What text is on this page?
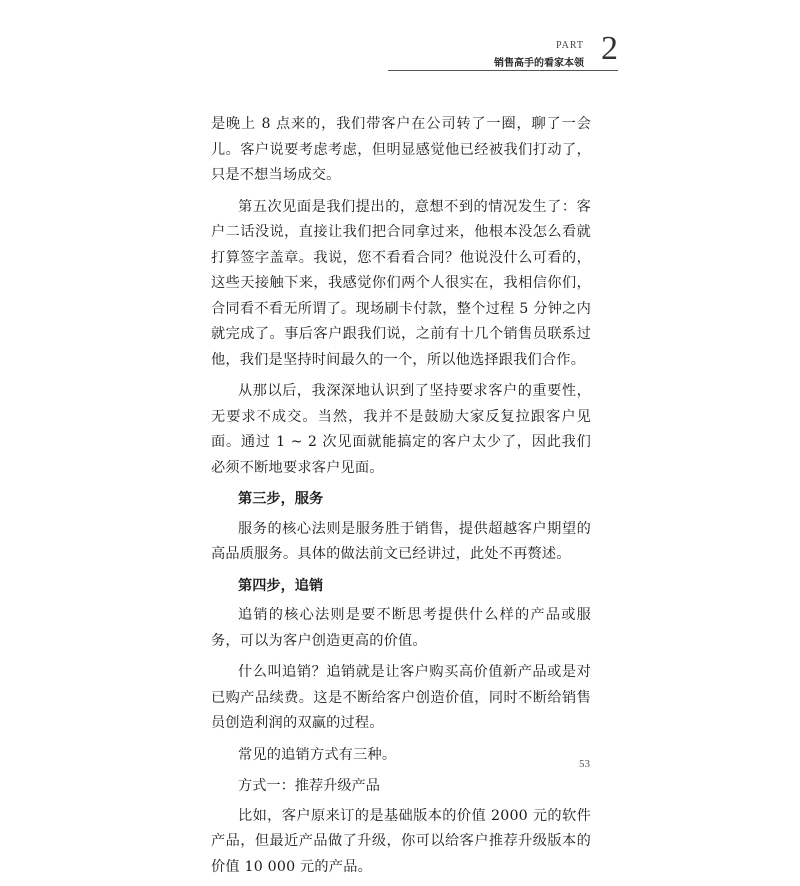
PART 2
销售高手的看家本领

是晚上 8 点来的，我们带客户在公司转了一圈，聊了一会儿。客户说要考虑考虑，但明显感觉他已经被我们打动了，只是不想当场成交。

第五次见面是我们提出的，意想不到的情况发生了：客户二话没说，直接让我们把合同拿过来，他根本没怎么看就打算签字盖章。我说，您不看看合同？他说没什么可看的，这些天接触下来，我感觉你们两个人很实在，我相信你们，合同看不看无所谓了。现场刷卡付款，整个过程 5 分钟之内就完成了。事后客户跟我们说，之前有十几个销售员联系过他，我们是坚持时间最久的一个，所以他选择跟我们合作。

从那以后，我深深地认识到了坚持要求客户的重要性，无要求不成交。当然，我并不是鼓励大家反复拉跟客户见面。通过 1 ~ 2 次见面就能搞定的客户太少了，因此我们必须不断地要求客户见面。

第三步，服务

服务的核心法则是服务胜于销售，提供超越客户期望的高品质服务。具体的做法前文已经讲过，此处不再赘述。

第四步，追销

追销的核心法则是要不断思考提供什么样的产品或服务，可以为客户创造更高的价值。

什么叫追销？追销就是让客户购买高价值新产品或是对已购产品续费。这是不断给客户创造价值，同时不断给销售员创造利润的双赢的过程。

常见的追销方式有三种。

方式一：推荐升级产品

比如，客户原来订的是基础版本的价值 2000 元的软件产品，但最近产品做了升级，你可以给客户推荐升级版本的价值 10 000 元的产品。

53
